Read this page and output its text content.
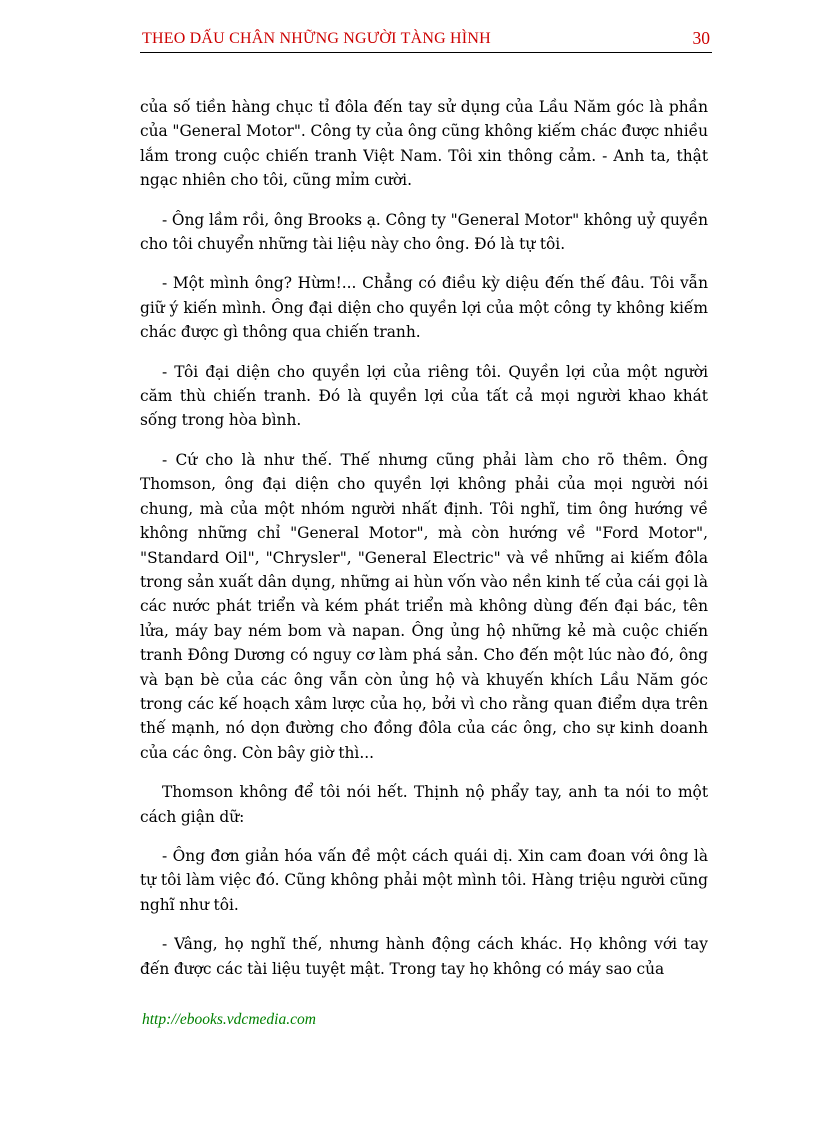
THEO DẤU CHÂN NHỮNG NGƯỜI TÀNG HÌNH	30

của số tiền hàng chục tỉ đôla đến tay sử dụng của Lầu Năm góc là phần của "General Motor". Công ty của ông cũng không kiếm chác được nhiều lắm trong cuộc chiến tranh Việt Nam. Tôi xin thông cảm. - Anh ta, thật ngạc nhiên cho tôi, cũng mỉm cười.

- Ông lầm rồi, ông Brooks ạ. Công ty "General Motor" không uỷ quyền cho tôi chuyển những tài liệu này cho ông. Đó là tự tôi.

- Một mình ông? Hừm!... Chẳng có điều kỳ diệu đến thế đâu. Tôi vẫn giữ ý kiến mình. Ông đại diện cho quyền lợi của một công ty không kiếm chác được gì thông qua chiến tranh.

- Tôi đại diện cho quyền lợi của riêng tôi. Quyền lợi của một người căm thù chiến tranh. Đó là quyền lợi của tất cả mọi người khao khát sống trong hòa bình.

- Cứ cho là như thế. Thế nhưng cũng phải làm cho rõ thêm. Ông Thomson, ông đại diện cho quyền lợi không phải của mọi người nói chung, mà của một nhóm người nhất định. Tôi nghĩ, tim ông hướng về không những chỉ "General Motor", mà còn hướng về "Ford Motor", "Standard Oil", "Chrysler", "General Electric" và về những ai kiếm đôla trong sản xuất dân dụng, những ai hùn vốn vào nền kinh tế của cái gọi là các nước phát triển và kém phát triển mà không dùng đến đại bác, tên lửa, máy bay ném bom và napan. Ông ủng hộ những kẻ mà cuộc chiến tranh Đông Dương có nguy cơ làm phá sản. Cho đến một lúc nào đó, ông và bạn bè của các ông vẫn còn ủng hộ và khuyến khích Lầu Năm góc trong các kế hoạch xâm lược của họ, bởi vì cho rằng quan điểm dựa trên thế mạnh, nó dọn đường cho đồng đôla của các ông, cho sự kinh doanh của các ông. Còn bây giờ thì...

Thomson không để tôi nói hết. Thịnh nộ phẩy tay, anh ta nói to một cách giận dữ:

- Ông đơn giản hóa vấn đề một cách quái dị. Xin cam đoan với ông là tự tôi làm việc đó. Cũng không phải một mình tôi. Hàng triệu người cũng nghĩ như tôi.

- Vâng, họ nghĩ thế, nhưng hành động cách khác. Họ không với tay đến được các tài liệu tuyệt mật. Trong tay họ không có máy sao của

http://ebooks.vdcmedia.com
